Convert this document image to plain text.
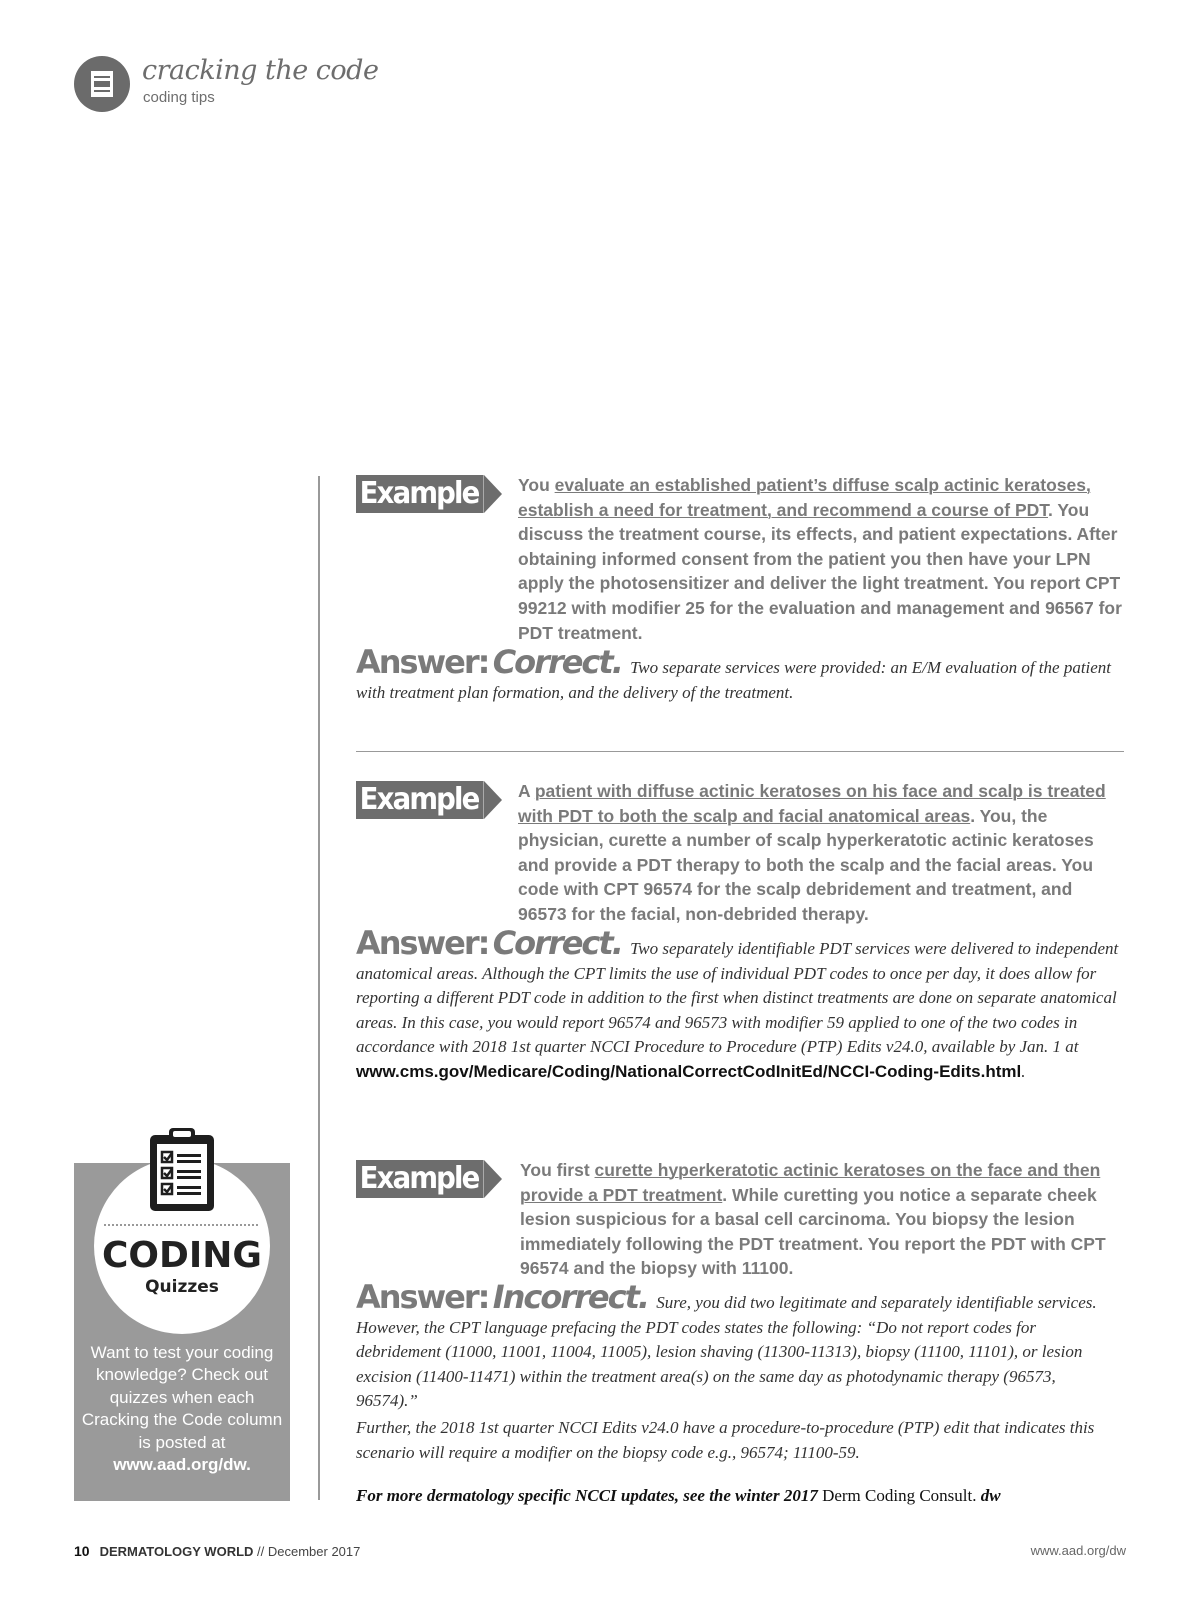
cracking the code
coding tips
Example 2
You evaluate an established patient’s diffuse scalp actinic keratoses, establish a need for treatment, and recommend a course of PDT. You discuss the treatment course, its effects, and patient expectations. After obtaining informed consent from the patient you then have your LPN apply the photosensitizer and deliver the light treatment. You report CPT 99212 with modifier 25 for the evaluation and management and 96567 for PDT treatment.
Answer: Correct. Two separate services were provided: an E/M evaluation of the patient with treatment plan formation, and the delivery of the treatment.
Example 3
A patient with diffuse actinic keratoses on his face and scalp is treated with PDT to both the scalp and facial anatomical areas. You, the physician, curette a number of scalp hyperkeratotic actinic keratoses and provide a PDT therapy to both the scalp and the facial areas. You code with CPT 96574 for the scalp debridement and treatment, and 96573 for the facial, non-debrided therapy.
Answer: Correct. Two separately identifiable PDT services were delivered to independent anatomical areas. Although the CPT limits the use of individual PDT codes to once per day, it does allow for reporting a different PDT code in addition to the first when distinct treatments are done on separate anatomical areas. In this case, you would report 96574 and 96573 with modifier 59 applied to one of the two codes in accordance with 2018 1st quarter NCCI Procedure to Procedure (PTP) Edits v24.0, available by Jan. 1 at www.cms.gov/Medicare/Coding/NationalCorrectCodInitEd/NCCI-Coding-Edits.html.
Example 4
You first curette hyperkeratotic actinic keratoses on the face and then provide a PDT treatment. While curetting you notice a separate cheek lesion suspicious for a basal cell carcinoma. You biopsy the lesion immediately following the PDT treatment. You report the PDT with CPT 96574 and the biopsy with 11100.
Answer: Incorrect. Sure, you did two legitimate and separately identifiable services. However, the CPT language prefacing the PDT codes states the following: “Do not report codes for debridement (11000, 11001, 11004, 11005), lesion shaving (11300-11313), biopsy (11100, 11101), or lesion excision (11400-11471) within the treatment area(s) on the same day as photodynamic therapy (96573, 96574).”
Further, the 2018 1st quarter NCCI Edits v24.0 have a procedure-to-procedure (PTP) edit that indicates this scenario will require a modifier on the biopsy code e.g., 96574; 11100-59.
For more dermatology specific NCCI updates, see the winter 2017 Derm Coding Consult. dw
CODING
Quizzes
Want to test your coding knowledge? Check out quizzes when each Cracking the Code column is posted at www.aad.org/dw.
10 DERMATOLOGY WORLD // December 2017	www.aad.org/dw
